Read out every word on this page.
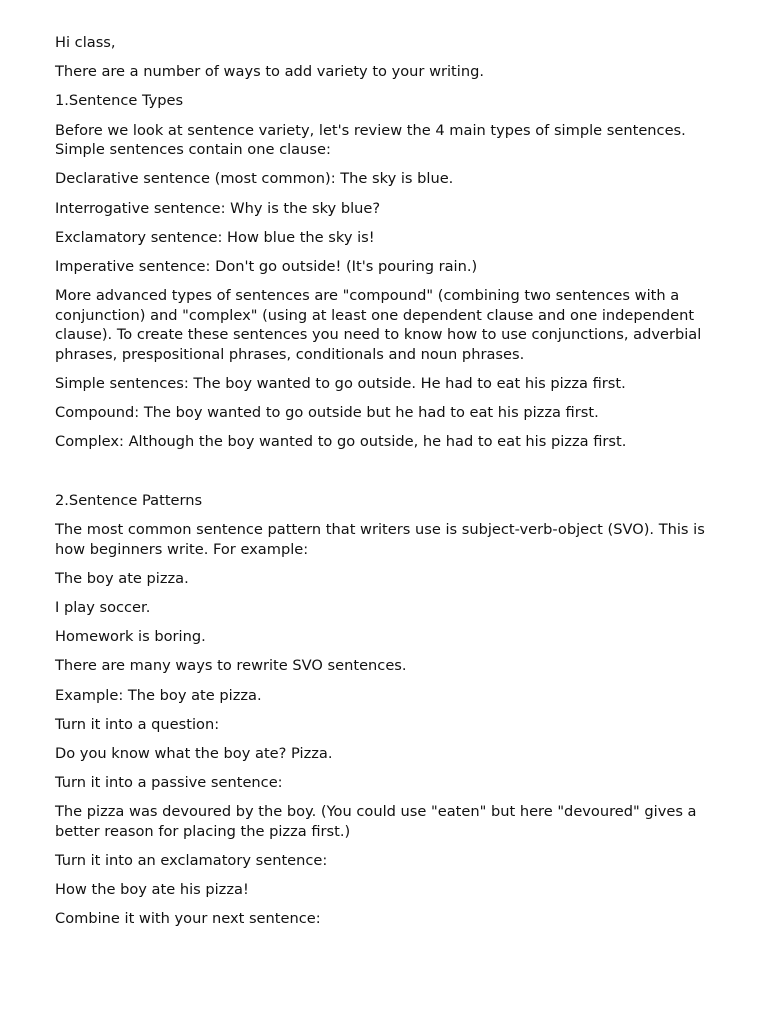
Hi class,

There are a number of ways to add variety to your writing.

1.Sentence Types

Before we look at sentence variety, let's review the 4 main types of simple sentences. Simple sentences contain one clause:

Declarative sentence (most common): The sky is blue.

Interrogative sentence: Why is the sky blue?

Exclamatory sentence: How blue the sky is!

Imperative sentence: Don't go outside! (It's pouring rain.)

More advanced types of sentences are "compound" (combining two sentences with a conjunction) and "complex" (using at least one dependent clause and one independent clause). To create these sentences you need to know how to use conjunctions, adverbial phrases, prespositional phrases, conditionals and noun phrases.

Simple sentences: The boy wanted to go outside. He had to eat his pizza first.

Compound: The boy wanted to go outside but he had to eat his pizza first.

Complex: Although the boy wanted to go outside, he had to eat his pizza first.

2.Sentence Patterns

The most common sentence pattern that writers use is subject-verb-object (SVO). This is how beginners write. For example:

The boy ate pizza.

I play soccer.

Homework is boring.

There are many ways to rewrite SVO sentences.

Example: The boy ate pizza.

Turn it into a question:

Do you know what the boy ate? Pizza.

Turn it into a passive sentence:

The pizza was devoured by the boy. (You could use "eaten" but here "devoured" gives a better reason for placing the pizza first.)

Turn it into an exclamatory sentence:

How the boy ate his pizza!

Combine it with your next sentence:
